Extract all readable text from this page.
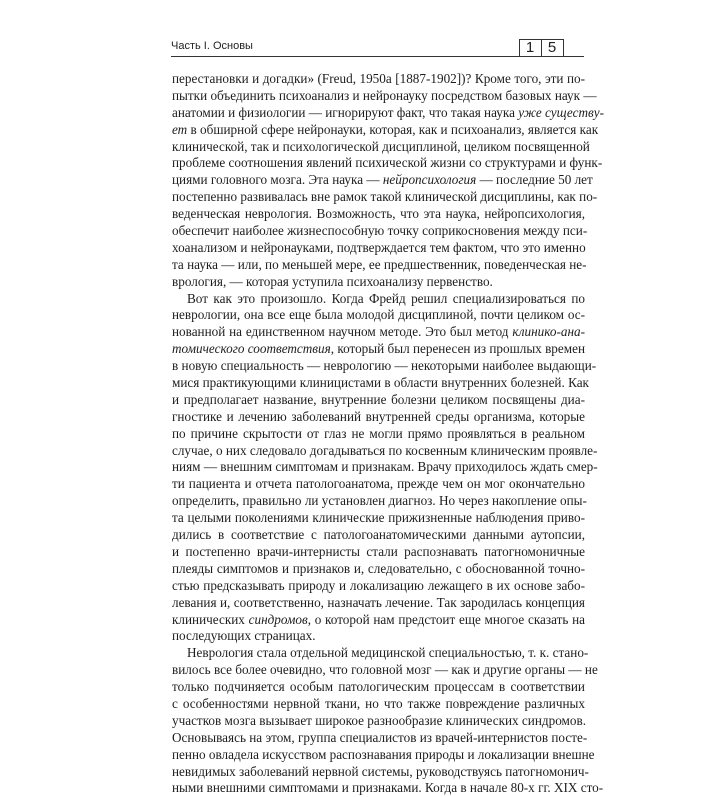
Часть I. Основы	1 5
перестановки и догадки» (Freud, 1950a [1887-1902])? Кроме того, эти по-
пытки объединить психоанализ и нейронауку посредством базовых наук —
анатомии и физиологии — игнорируют факт, что такая наука уже существу-
ет в обширной сфере нейронауки, которая, как и психоанализ, является как
клинической, так и психологической дисциплиной, целиком посвященной
проблеме соотношения явлений психической жизни со структурами и функ-
циями головного мозга. Эта наука — нейропсихология — последние 50 лет
постепенно развивалась вне рамок такой клинической дисциплины, как по-
веденческая неврология. Возможность, что эта наука, нейропсихология,
обеспечит наиболее жизнеспособную точку соприкосновения между пси-
хоанализом и нейронауками, подтверждается тем фактом, что это именно
та наука — или, по меньшей мере, ее предшественник, поведенческая не-
врология, — которая уступила психоанализу первенство.
Вот как это произошло. Когда Фрейд решил специализироваться по
неврологии, она все еще была молодой дисциплиной, почти целиком ос-
нованной на единственном научном методе. Это был метод клинико-ана-
томического соответствия, который был перенесен из прошлых времен
в новую специальность — неврологию — некоторыми наиболее выдающи-
мися практикующими клиницистами в области внутренних болезней. Как
и предполагает название, внутренние болезни целиком посвящены диа-
гностике и лечению заболеваний внутренней среды организма, которые
по причине скрытости от глаз не могли прямо проявляться в реальном
случае, о них следовало догадываться по косвенным клиническим проявле-
ниям — внешним симптомам и признакам. Врачу приходилось ждать смер-
ти пациента и отчета патологоанатома, прежде чем он мог окончательно
определить, правильно ли установлен диагноз. Но через накопление опы-
та целыми поколениями клинические прижизненные наблюдения приво-
дились в соответствие с патологоанатомическими данными аутопсии,
и постепенно врачи-интернисты стали распознавать патогномоничные
плеяды симптомов и признаков и, следовательно, с обоснованной точно-
стью предсказывать природу и локализацию лежащего в их основе забо-
левания и, соответственно, назначать лечение. Так зародилась концепция
клинических синдромов, о которой нам предстоит еще многое сказать на
последующих страницах.
Неврология стала отдельной медицинской специальностью, т. к. стано-
вилось все более очевидно, что головной мозг — как и другие органы — не
только подчиняется особым патологическим процессам в соответствии
с особенностями нервной ткани, но что также повреждение различных
участков мозга вызывает широкое разнообразие клинических синдромов.
Основываясь на этом, группа специалистов из врачей-интернистов посте-
пенно овладела искусством распознавания природы и локализации внешне
невидимых заболеваний нервной системы, руководствуясь патогномонич-
ными внешними симптомами и признаками. Когда в начале 80-х гг. XIX сто-
